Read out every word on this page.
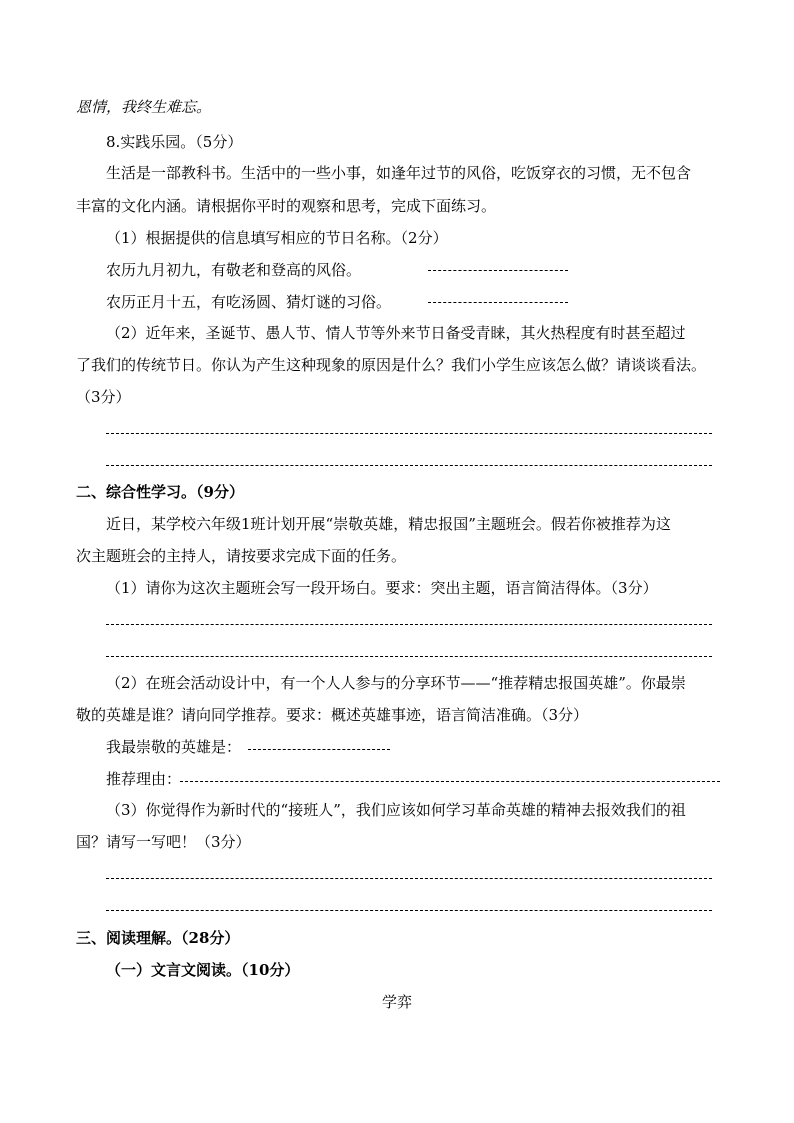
恩情，我终生难忘。
8.实践乐园。（5分）
生活是一部教科书。生活中的一些小事，如逢年过节的风俗，吃饭穿衣的习惯，无不包含
丰富的文化内涵。请根据你平时的观察和思考，完成下面练习。
（1）根据提供的信息填写相应的节日名称。（2分）
农历九月初九，有敬老和登高的风俗。
农历正月十五，有吃汤圆、猜灯谜的习俗。
（2）近年来，圣诞节、愚人节、情人节等外来节日备受青睐，其火热程度有时甚至超过
了我们的传统节日。你认为产生这种现象的原因是什么？我们小学生应该怎么做？请谈谈看法。
（3分）
二、综合性学习。（9分）
近日，某学校六年级1班计划开展“崇敬英雄，精忠报国”主题班会。假若你被推荐为这
次主题班会的主持人，请按要求完成下面的任务。
（1）请你为这次主题班会写一段开场白。要求：突出主题，语言简洁得体。（3分）
（2）在班会活动设计中，有一个人人参与的分享环节——“推荐精忠报国英雄”。你最崇
敬的英雄是谁？请向同学推荐。要求：概述英雄事迹，语言简洁准确。（3分）
我最崇敬的英雄是：
推荐理由：
（3）你觉得作为新时代的“接班人”，我们应该如何学习革命英雄的精神去报效我们的祖
国？请写一写吧！（3分）
三、阅读理解。（28分）
（一）文言文阅读。（10分）
学弈
